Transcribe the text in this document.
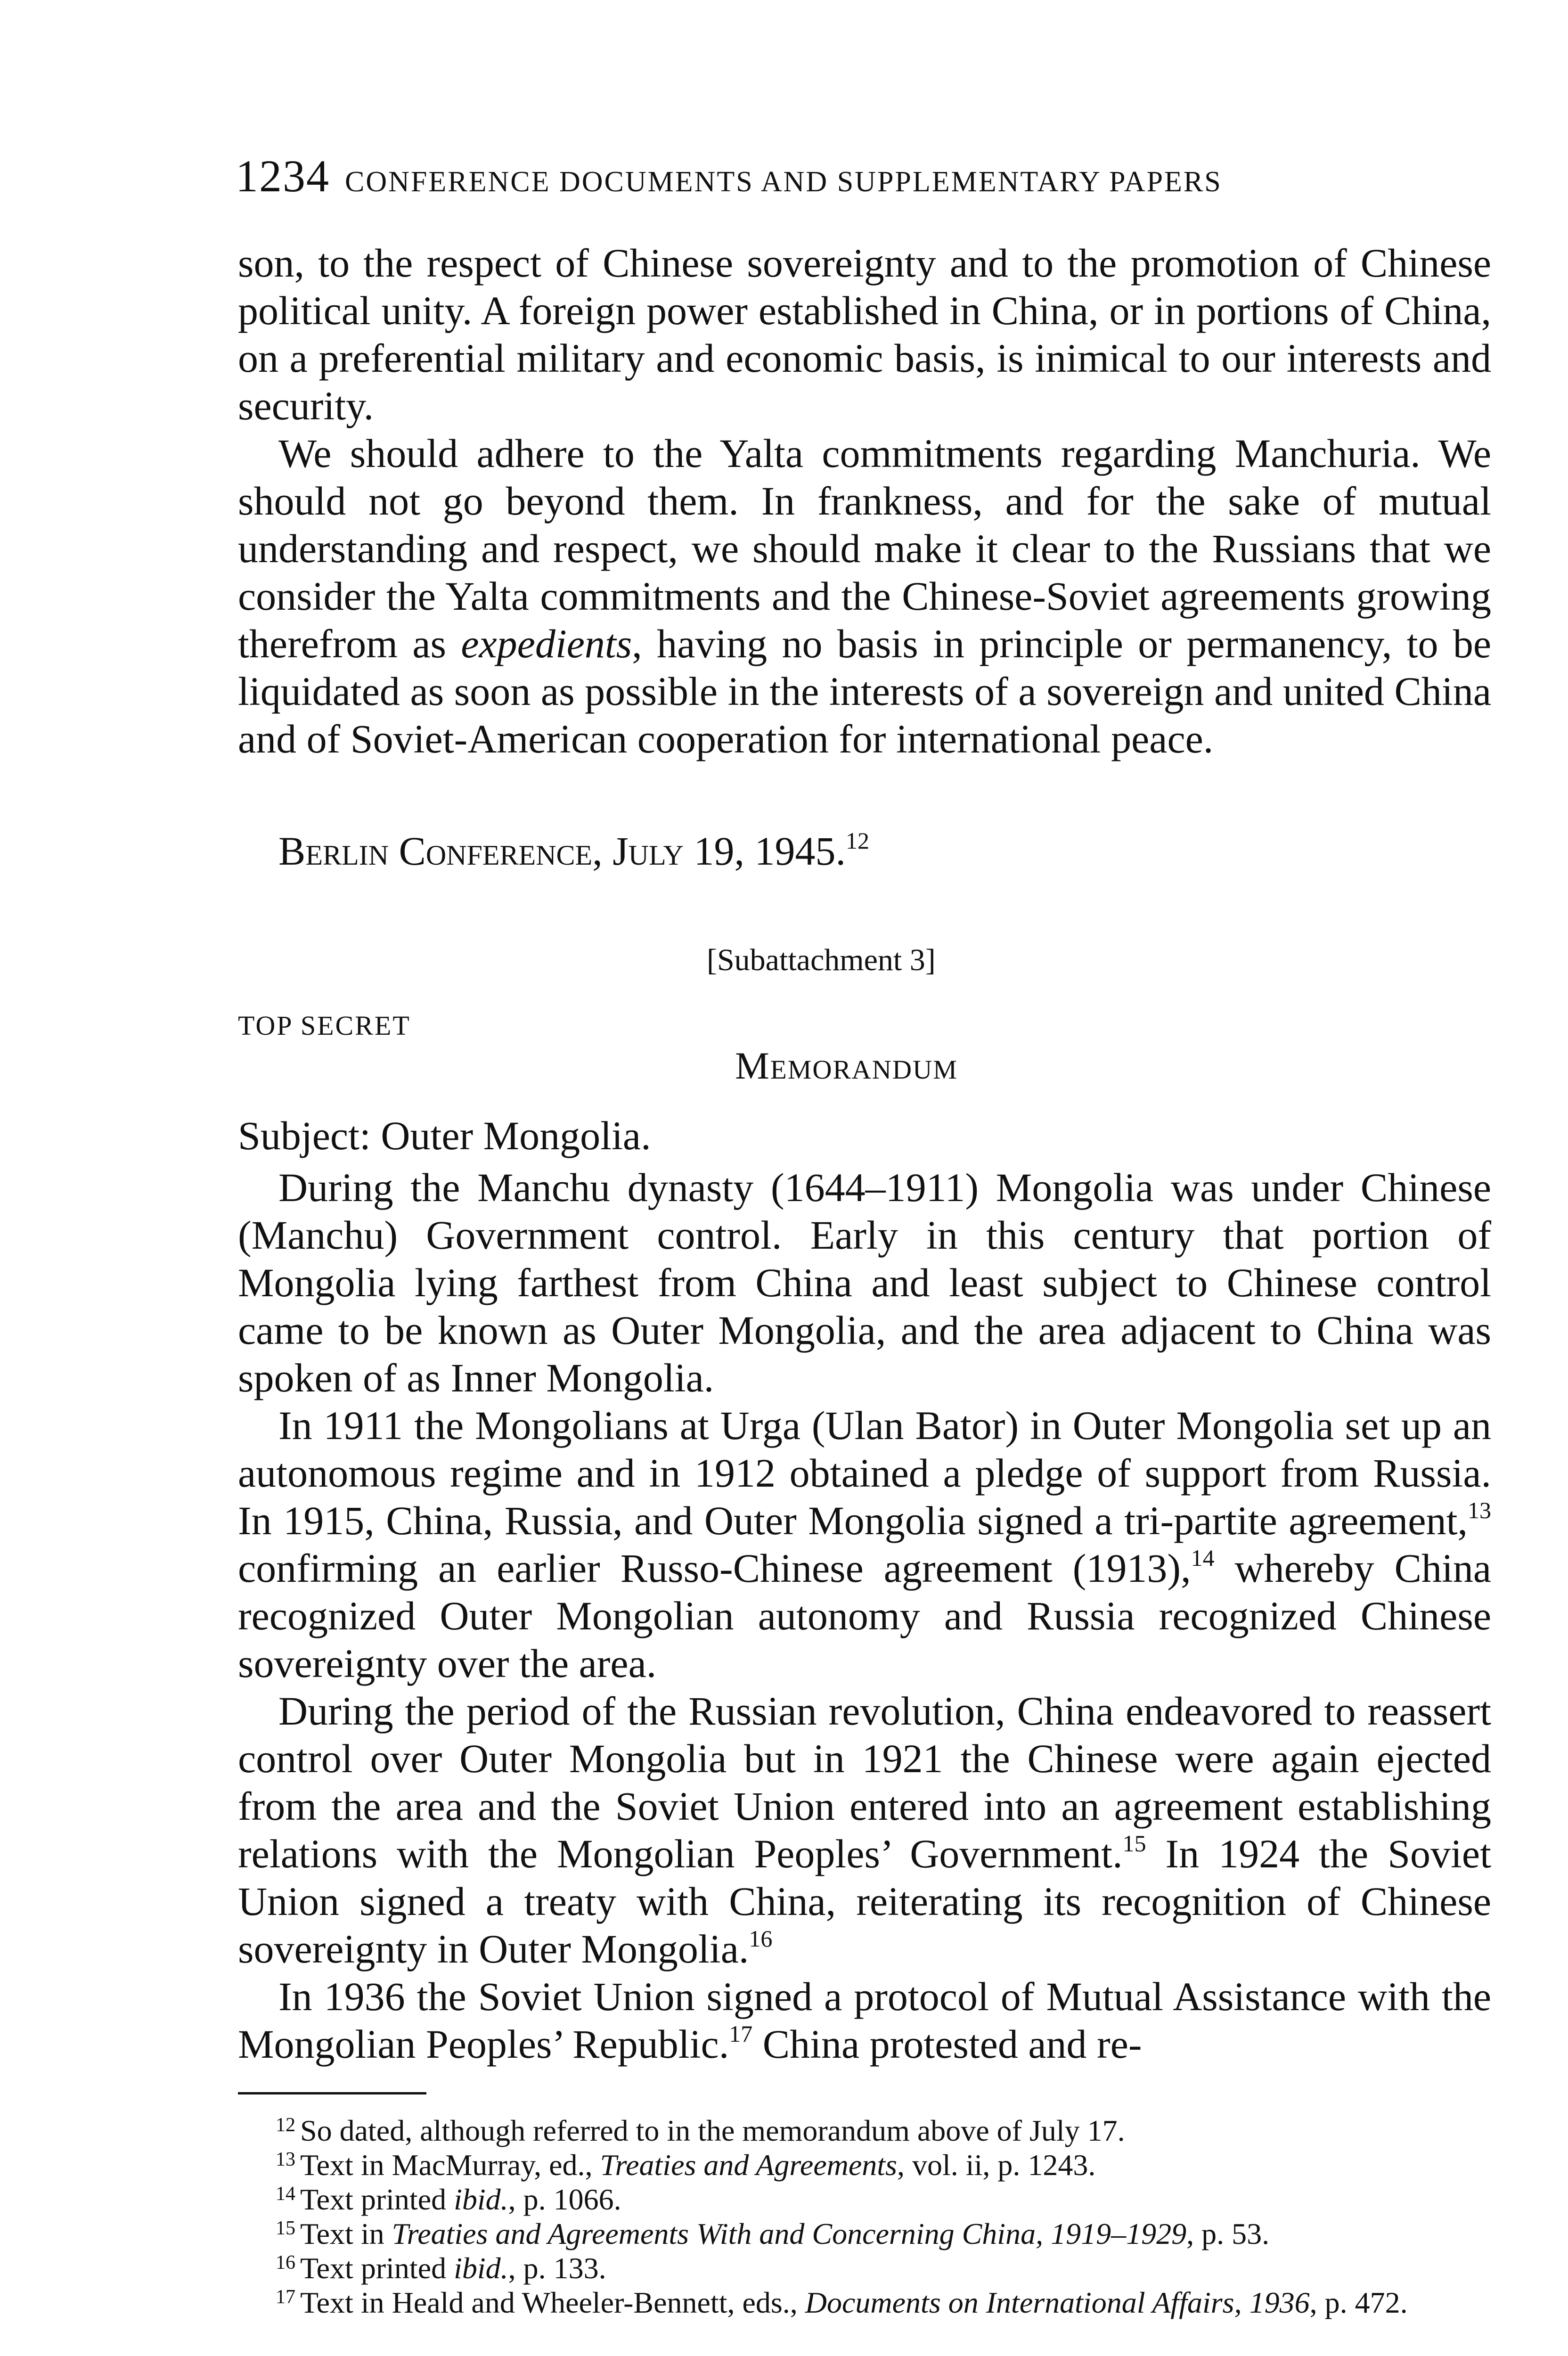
1234 CONFERENCE DOCUMENTS AND SUPPLEMENTARY PAPERS

son, to the respect of Chinese sovereignty and to the promotion of Chinese political unity. A foreign power established in China, or in portions of China, on a preferential military and economic basis, is inimical to our interests and security.

We should adhere to the Yalta commitments regarding Manchuria. We should not go beyond them. In frankness, and for the sake of mutual understanding and respect, we should make it clear to the Russians that we consider the Yalta commitments and the Chinese-Soviet agreements growing therefrom as expedients, having no basis in principle or permanency, to be liquidated as soon as possible in the interests of a sovereign and united China and of Soviet-American cooperation for international peace.

Berlin Conference, July 19, 1945.12
[Subattachment 3]
TOP SECRET
Memorandum
Subject: Outer Mongolia.

During the Manchu dynasty (1644–1911) Mongolia was under Chinese (Manchu) Government control. Early in this century that portion of Mongolia lying farthest from China and least subject to Chinese control came to be known as Outer Mongolia, and the area adjacent to China was spoken of as Inner Mongolia.

In 1911 the Mongolians at Urga (Ulan Bator) in Outer Mongolia set up an autonomous regime and in 1912 obtained a pledge of support from Russia. In 1915, China, Russia, and Outer Mongolia signed a tri-partite agreement,$^{13}$ confirming an earlier Russo-Chinese agreement (1913),$^{14}$ whereby China recognized Outer Mongolian autonomy and Russia recognized Chinese sovereignty over the area.

During the period of the Russian revolution, China endeavored to reassert control over Outer Mongolia but in 1921 the Chinese were again ejected from the area and the Soviet Union entered into an agreement establishing relations with the Mongolian Peoples’ Government.$^{15}$ In 1924 the Soviet Union signed a treaty with China, reiterating its recognition of Chinese sovereignty in Outer Mongolia.$^{16}$

In 1936 the Soviet Union signed a protocol of Mutual Assistance with the Mongolian Peoples’ Republic.$^{17}$ China protested and re-

$^{12}$ So dated, although referred to in the memorandum above of July 17.

$^{13}$ Text in MacMurray, ed., Treaties and Agreements, vol. ii, p. 1243.

$^{14}$ Text printed ibid., p. 1066.

$^{15}$ Text in Treaties and Agreements With and Concerning China, 1919–1929, p. 53.

$^{16}$ Text printed ibid., p. 133.

$^{17}$ Text in Heald and Wheeler-Bennett, eds., Documents on International Affairs, 1936, p. 472.
